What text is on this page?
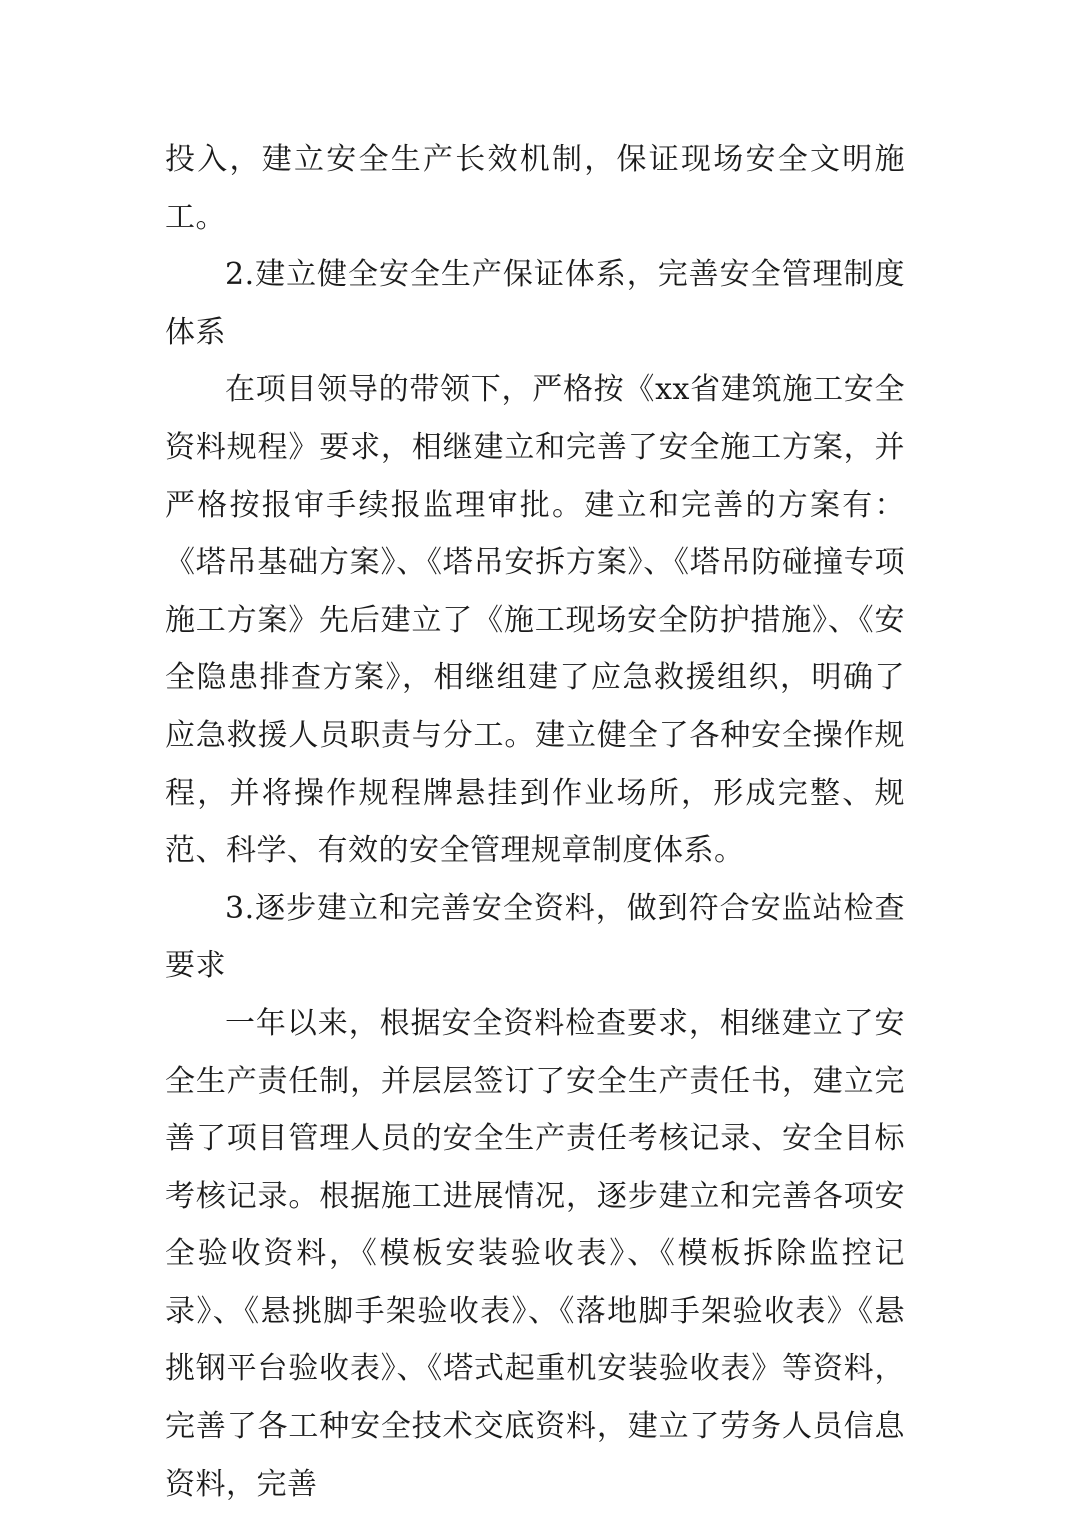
投入，建立安全生产长效机制，保证现场安全文明施工。

2.建立健全安全生产保证体系，完善安全管理制度体系

在项目领导的带领下，严格按《xx省建筑施工安全资料规程》要求，相继建立和完善了安全施工方案，并严格按报审手续报监理审批。建立和完善的方案有：《塔吊基础方案》、《塔吊安拆方案》、《塔吊防碰撞专项施工方案》先后建立了《施工现场安全防护措施》、《安全隐患排查方案》，相继组建了应急救援组织，明确了应急救援人员职责与分工。建立健全了各种安全操作规程，并将操作规程牌悬挂到作业场所，形成完整、规范、科学、有效的安全管理规章制度体系。

3.逐步建立和完善安全资料，做到符合安监站检查要求

一年以来，根据安全资料检查要求，相继建立了安全生产责任制，并层层签订了安全生产责任书，建立完善了项目管理人员的安全生产责任考核记录、安全目标考核记录。根据施工进展情况，逐步建立和完善各项安全验收资料，《模板安装验收表》、《模板拆除监控记录》、《悬挑脚手架验收表》、《落地脚手架验收表》《悬挑钢平台验收表》、《塔式起重机安装验收表》等资料，完善了各工种安全技术交底资料，建立了劳务人员信息资料，完善
